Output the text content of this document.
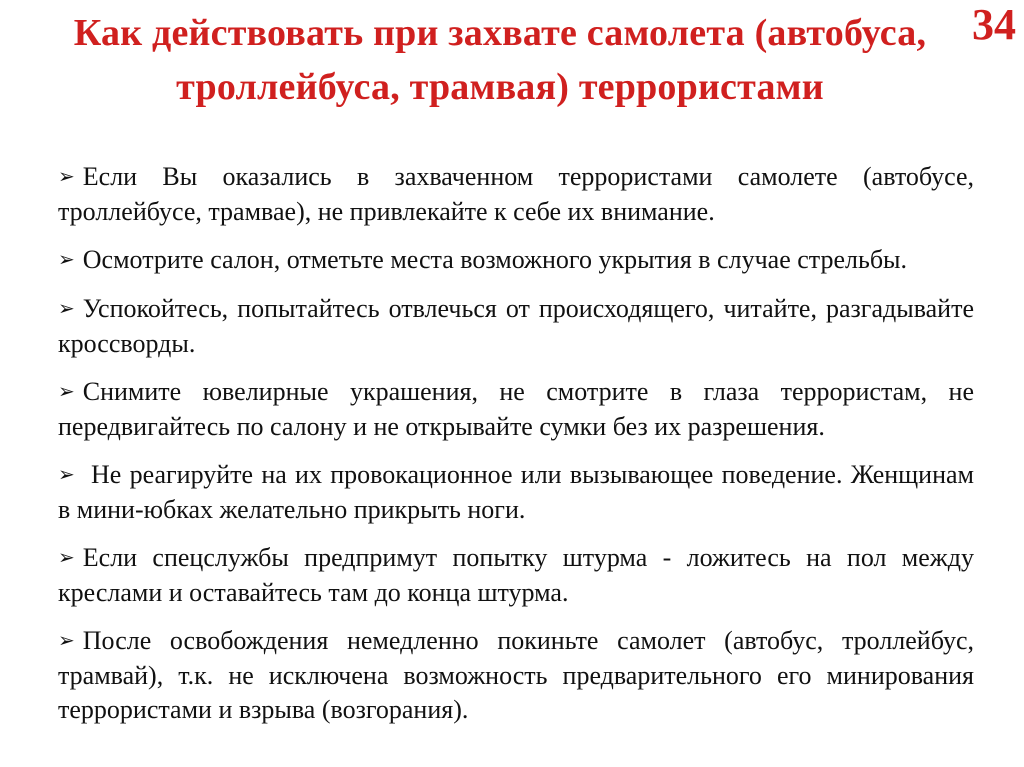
Как действовать при захвате самолета (автобуса,
троллейбуса, трамвая) террористами
34
➢ Если Вы оказались в захваченном террористами самолете (автобусе, троллейбусе, трамвае), не привлекайте к себе их внимание.
➢ Осмотрите салон, отметьте места возможного укрытия в случае стрельбы.
➢ Успокойтесь, попытайтесь отвлечься от происходящего, читайте, разгадывайте кроссворды.
➢ Снимите ювелирные украшения, не смотрите в глаза террористам, не передвигайтесь по салону и не открывайте сумки без их разрешения.
➢ Не реагируйте на их провокационное или вызывающее поведение. Женщинам в мини-юбках желательно прикрыть ноги.
➢ Если спецслужбы предпримут попытку штурма - ложитесь на пол между креслами и оставайтесь там до конца штурма.
➢ После освобождения немедленно покиньте самолет (автобус, троллейбус, трамвай), т.к. не исключена возможность предварительного его минирования террористами и взрыва (возгорания).
